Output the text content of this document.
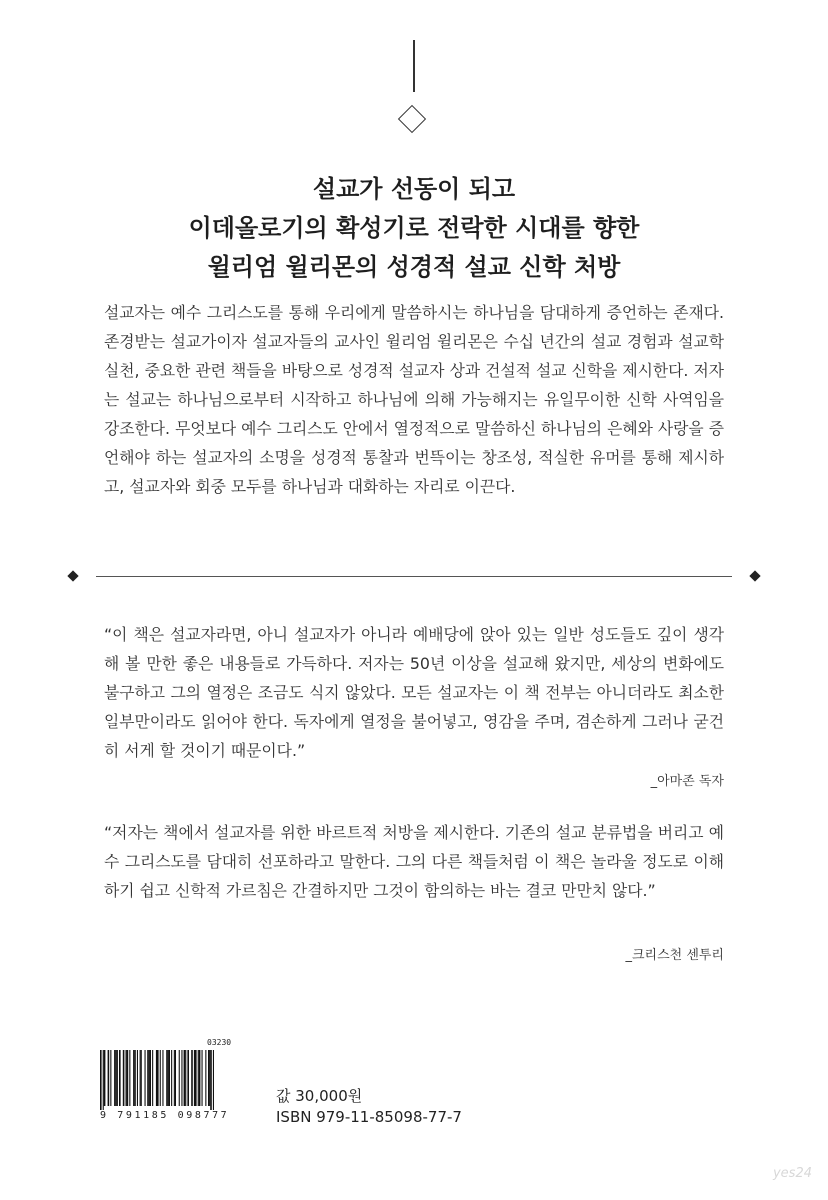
설교가 선동이 되고
이데올로기의 확성기로 전락한 시대를 향한
윌리엄 윌리몬의 성경적 설교 신학 처방
설교자는 예수 그리스도를 통해 우리에게 말씀하시는 하나님을 담대하게 증언하는 존재다. 존경받는 설교가이자 설교자들의 교사인 윌리엄 윌리몬은 수십 년간의 설교 경험과 설교학 실천, 중요한 관련 책들을 바탕으로 성경적 설교자 상과 건설적 설교 신학을 제시한다. 저자는 설교는 하나님으로부터 시작하고 하나님에 의해 가능해지는 유일무이한 신학 사역임을 강조한다. 무엇보다 예수 그리스도 안에서 열정적으로 말씀하신 하나님의 은혜와 사랑을 증언해야 하는 설교자의 소명을 성경적 통찰과 번뜩이는 창조성, 적실한 유머를 통해 제시하고, 설교자와 회중 모두를 하나님과 대화하는 자리로 이끈다.
“이 책은 설교자라면, 아니 설교자가 아니라 예배당에 앉아 있는 일반 성도들도 깊이 생각해 볼 만한 좋은 내용들로 가득하다. 저자는 50년 이상을 설교해 왔지만, 세상의 변화에도 불구하고 그의 열정은 조금도 식지 않았다. 모든 설교자는 이 책 전부는 아니더라도 최소한 일부만이라도 읽어야 한다. 독자에게 열정을 불어넣고, 영감을 주며, 겸손하게 그러나 굳건히 서게 할 것이기 때문이다.”
_아마존 독자
“저자는 책에서 설교자를 위한 바르트적 처방을 제시한다. 기존의 설교 분류법을 버리고 예수 그리스도를 담대히 선포하라고 말한다. 그의 다른 책들처럼 이 책은 놀라울 정도로 이해하기 쉽고 신학적 가르침은 간결하지만 그것이 함의하는 바는 결코 만만치 않다.”
_크리스천 센투리
03230
9 791185 098777
값 30,000원
ISBN 979-11-85098-77-7
yes24
